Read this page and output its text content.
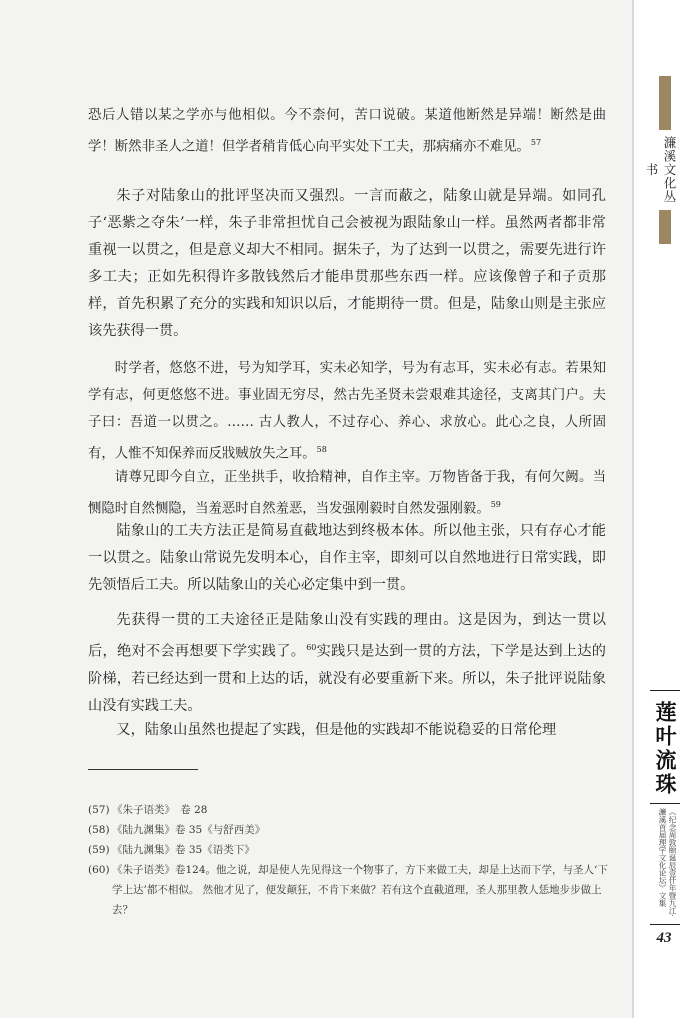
恐后人错以某之学亦与他相似。今不柰何，苦口说破。某道他断然是异端！断然是曲学！断然非圣人之道！但学者稍肯低心向平实处下工夫，那病痛亦不难见。$^{57}$

朱子对陆象山的批评坚决而又强烈。一言而蔽之，陆象山就是异端。如同孔子‘恶紫之夺朱’一样，朱子非常担忧自己会被视为跟陆象山一样。虽然两者都非常重视一以贯之，但是意义却大不相同。据朱子，为了达到一以贯之，需要先进行许多工夫；正如先积得许多散钱然后才能串贯那些东西一样。应该像曾子和子贡那样，首先积累了充分的实践和知识以后，才能期待一贯。但是，陆象山则是主张应该先获得一贯。

时学者，悠悠不进，号为知学耳，实未必知学，号为有志耳，实未必有志。若果知学有志，何更悠悠不进。事业固无穷尽，然古先圣贤未尝艰难其途径，支离其门户。夫子曰：吾道一以贯之。…… 古人教人，不过存心、养心、求放心。此心之良，人所固有，人惟不知保养而反戕贼放失之耳。$^{58}$

请尊兄即今自立，正坐拱手，收拾精神，自作主宰。万物皆备于我，有何欠阙。当恻隐时自然恻隐，当羞恶时自然羞恶，当发强刚毅时自然发强刚毅。$^{59}$

陆象山的工夫方法正是简易直截地达到终极本体。所以他主张，只有存心才能一以贯之。陆象山常说先发明本心，自作主宰，即刻可以自然地进行日常实践，即先领悟后工夫。所以陆象山的关心必定集中到一贯。

先获得一贯的工夫途径正是陆象山没有实践的理由。这是因为，到达一贯以后，绝对不会再想要下学实践了。$^{60}$实践只是达到一贯的方法，下学是达到上达的阶梯，若已经达到一贯和上达的话，就没有必要重新下来。所以，朱子批评说陆象山没有实践工夫。

又，陆象山虽然也提起了实践，但是他的实践却不能说稳妥的日常伦理

(57) 《朱子语类》　卷 28
(58) 《陆九渊集》卷 35《与舒西美》
(59) 《陆九渊集》卷 35《语类下》
(60) 《朱子语类》卷124。他之说，却是使人先见得这一个物事了，方下来做工夫，却是上达而下学，与圣人‘下学上达’都不相似。 然他才见了，便发颠狂，不肯下来做？若有这个直截道理，圣人那里教人恁地步步做上去？
濂溪文化丛书
莲叶流珠
《纪念周敦颐诞辰壹仟年暨九江·濂溪首届理学文化论坛》文集
43
